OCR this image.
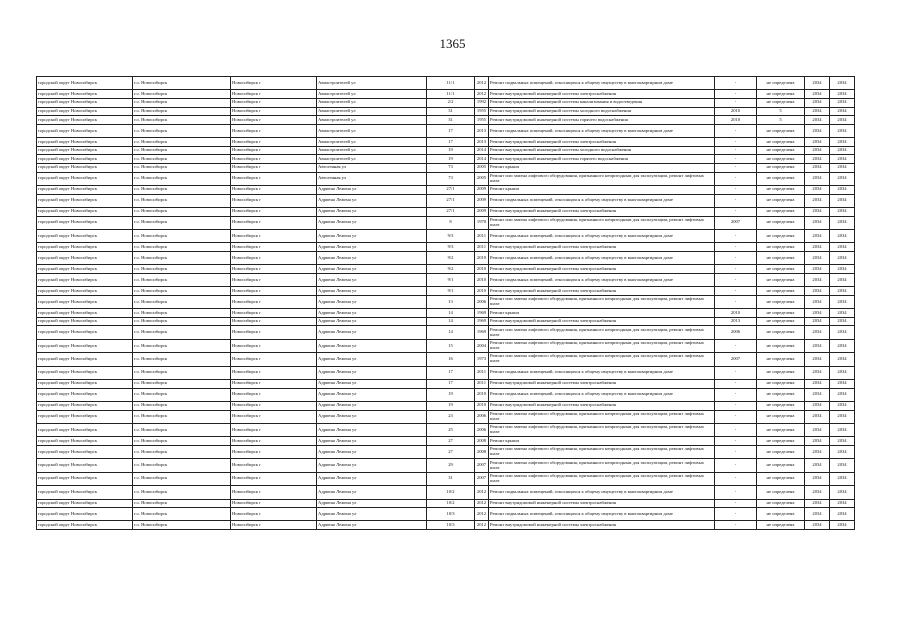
1365
городской округ Новосибирск	г.о. Новосибирск	Новосибирск г	Авиастроителей ул	11/1	2012	Ремонт подвальных помещений, относящихся к общему имуществу в многоквартирном доме	-	не определена	2034	2034
городской округ Новосибирск	г.о. Новосибирск	Новосибирск г	Авиастроителей ул	11/1	2012	Ремонт внутридомовой инженерной системы электроснабжения	-	не определена	2034	2034
городской округ Новосибирск	г.о. Новосибирск	Новосибирск г	Авиастроителей ул	2/2	1992	Ремонт внутридомовой инженерной системы канализования и водоотведения	-	не определена	2034	2034
городской округ Новосибирск	г.о. Новосибирск	Новосибирск г	Авиастроителей ул	31	1955	Ремонт внутридомовой инженерной системы холодного водоснабжения	2010	5	2034	2034
городской округ Новосибирск	г.о. Новосибирск	Новосибирск г	Авиастроителей ул	31	1955	Ремонт внутридомовой инженерной системы горячего водоснабжения	2010	5	2034	2034
городской округ Новосибирск	г.о. Новосибирск	Новосибирск г	Авиастроителей ул	17	2013	Ремонт подвальных помещений, относящихся к общему имуществу в многоквартирном доме	-	не определена	2034	2034
городской округ Новосибирск	г.о. Новосибирск	Новосибирск г	Авиастроителей ул	17	2013	Ремонт внутридомовой инженерной системы электроснабжения	-	не определена	2034	2034
городской округ Новосибирск	г.о. Новосибирск	Новосибирск г	Авиастроителей ул	19	2014	Ремонт внутридомовой инженерной системы холодного водоснабжения	-	не определена	2034	2034
городской округ Новосибирск	г.о. Новосибирск	Новосибирск г	Авиастроителей ул	19	2014	Ремонт внутридомовой инженерной системы горячего водоснабжения	-	не определена	2034	2034
городской округ Новосибирск	г.о. Новосибирск	Новосибирск г	Автогенная ул	73	2005	Ремонт крыши	-	не определена	2034	2034
городской округ Новосибирск	г.о. Новосибирск	Новосибирск г	Автогенная ул	73	2005	Ремонт или замена лифтового оборудования, признанного непригодным для эксплуатации, ремонт лифтовых шахт	-	не определена	2034	2034
городской округ Новосибирск	г.о. Новосибирск	Новосибирск г	Адриена Лежена ул	27/1	2009	Ремонт крыши	-	не определена	2034	2034
городской округ Новосибирск	г.о. Новосибирск	Новосибирск г	Адриена Лежена ул	27/1	2009	Ремонт подвальных помещений, относящихся к общему имуществу в многоквартирном доме	-	не определена	2034	2034
городской округ Новосибирск	г.о. Новосибирск	Новосибирск г	Адриена Лежена ул	27/1	2009	Ремонт внутридомовой инженерной системы электроснабжения	-	не определена	2034	2034
городской округ Новосибирск	г.о. Новосибирск	Новосибирск г	Адриена Лежена ул	8	1970	Ремонт или замена лифтового оборудования, признанного непригодным для эксплуатации, ремонт лифтовых шахт	2007	не определена	2034	2034
городской округ Новосибирск	г.о. Новосибирск	Новосибирск г	Адриена Лежена ул	9/3	2011	Ремонт подвальных помещений, относящихся к общему имуществу в многоквартирном доме	-	не определена	2034	2034
городской округ Новосибирск	г.о. Новосибирск	Новосибирск г	Адриена Лежена ул	9/3	2011	Ремонт внутридомовой инженерной системы электроснабжения	-	не определена	2034	2034
городской округ Новосибирск	г.о. Новосибирск	Новосибирск г	Адриена Лежена ул	9/2	2010	Ремонт подвальных помещений, относящихся к общему имуществу в многоквартирном доме	-	не определена	2034	2034
городской округ Новосибирск	г.о. Новосибирск	Новосибирск г	Адриена Лежена ул	9/2	2010	Ремонт внутридомовой инженерной системы электроснабжения	-	не определена	2034	2034
городской округ Новосибирск	г.о. Новосибирск	Новосибирск г	Адриена Лежена ул	9/1	2010	Ремонт подвальных помещений, относящихся к общему имуществу в многоквартирном доме	-	не определена	2034	2034
городской округ Новосибирск	г.о. Новосибирск	Новосибирск г	Адриена Лежена ул	9/1	2010	Ремонт внутридомовой инженерной системы электроснабжения	-	не определена	2034	2034
городской округ Новосибирск	г.о. Новосибирск	Новосибирск г	Адриена Лежена ул	13	2006	Ремонт или замена лифтового оборудования, признанного непригодным для эксплуатации, ремонт лифтовых шахт	-	не определена	2034	2034
городской округ Новосибирск	г.о. Новосибирск	Новосибирск г	Адриена Лежена ул	14	1969	Ремонт крыши	2010	не определена	2034	2034
городской округ Новосибирск	г.о. Новосибирск	Новосибирск г	Адриена Лежена ул	14	1969	Ремонт внутридомовой инженерной системы электроснабжения	2013	не определена	2034	2034
городской округ Новосибирск	г.о. Новосибирск	Новосибирск г	Адриена Лежена ул	14	1969	Ремонт или замена лифтового оборудования, признанного непригодным для эксплуатации, ремонт лифтовых шахт	2006	не определена	2034	2034
городской округ Новосибирск	г.о. Новосибирск	Новосибирск г	Адриена Лежена ул	15	2004	Ремонт или замена лифтового оборудования, признанного непригодным для эксплуатации, ремонт лифтовых шахт	-	не определена	2034	2034
городской округ Новосибирск	г.о. Новосибирск	Новосибирск г	Адриена Лежена ул	16	1973	Ремонт или замена лифтового оборудования, признанного непригодным для эксплуатации, ремонт лифтовых шахт	2007	не определена	2034	2034
городской округ Новосибирск	г.о. Новосибирск	Новосибирск г	Адриена Лежена ул	17	2011	Ремонт подвальных помещений, относящихся к общему имуществу в многоквартирном доме	-	не определена	2034	2034
городской округ Новосибирск	г.о. Новосибирск	Новосибирск г	Адриена Лежена ул	17	2011	Ремонт внутридомовой инженерной системы электроснабжения	-	не определена	2034	2034
городской округ Новосибирск	г.о. Новосибирск	Новосибирск г	Адриена Лежена ул	19	2010	Ремонт подвальных помещений, относящихся к общему имуществу в многоквартирном доме	-	не определена	2034	2034
городской округ Новосибирск	г.о. Новосибирск	Новосибирск г	Адриена Лежена ул	19	2010	Ремонт внутридомовой инженерной системы электроснабжения	-	не определена	2034	2034
городской округ Новосибирск	г.о. Новосибирск	Новосибирск г	Адриена Лежена ул	23	2006	Ремонт или замена лифтового оборудования, признанного непригодным для эксплуатации, ремонт лифтовых шахт	-	не определена	2034	2034
городской округ Новосибирск	г.о. Новосибирск	Новосибирск г	Адриена Лежена ул	25	2006	Ремонт или замена лифтового оборудования, признанного непригодным для эксплуатации, ремонт лифтовых шахт	-	не определена	2034	2034
городской округ Новосибирск	г.о. Новосибирск	Новосибирск г	Адриена Лежена ул	27	2008	Ремонт крыши	-	не определена	2034	2034
городской округ Новосибирск	г.о. Новосибирск	Новосибирск г	Адриена Лежена ул	27	2008	Ремонт или замена лифтового оборудования, признанного непригодным для эксплуатации, ремонт лифтовых шахт	-	не определена	2034	2034
городской округ Новосибирск	г.о. Новосибирск	Новосибирск г	Адриена Лежена ул	29	2007	Ремонт или замена лифтового оборудования, признанного непригодным для эксплуатации, ремонт лифтовых шахт	-	не определена	2034	2034
городской округ Новосибирск	г.о. Новосибирск	Новосибирск г	Адриена Лежена ул	31	2007	Ремонт или замена лифтового оборудования, признанного непригодным для эксплуатации, ремонт лифтовых шахт	-	не определена	2034	2034
городской округ Новосибирск	г.о. Новосибирск	Новосибирск г	Адриена Лежена ул	10/2	2012	Ремонт подвальных помещений, относящихся к общему имуществу в многоквартирном доме	-	не определена	2034	2034
городской округ Новосибирск	г.о. Новосибирск	Новосибирск г	Адриена Лежена ул	10/2	2012	Ремонт внутридомовой инженерной системы электроснабжения	-	не определена	2034	2034
городской округ Новосибирск	г.о. Новосибирск	Новосибирск г	Адриена Лежена ул	10/3	2012	Ремонт подвальных помещений, относящихся к общему имуществу в многоквартирном доме	-	не определена	2034	2034
городской округ Новосибирск	г.о. Новосибирск	Новосибирск г	Адриена Лежена ул	10/3	2012	Ремонт внутридомовой инженерной системы электроснабжения	-	не определена	2034	2034
